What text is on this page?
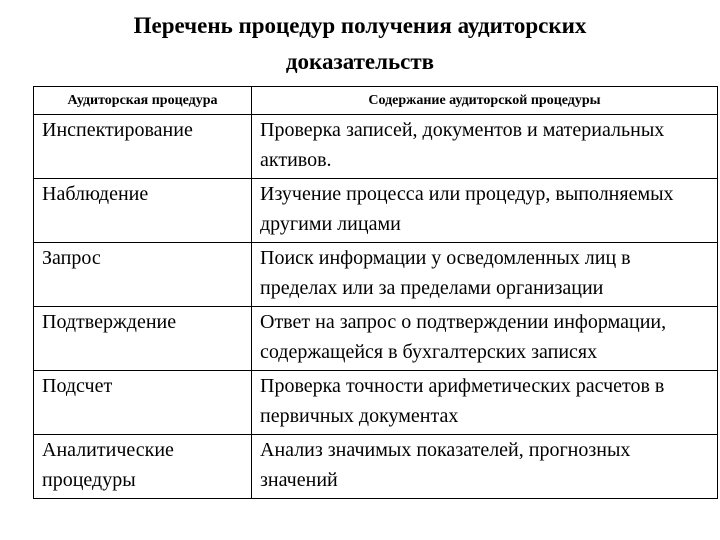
Перечень процедур получения аудиторских
доказательств
Аудиторская процедура	Содержание аудиторской процедуры
Инспектирование	Проверка записей, документов и материальных активов.
Наблюдение	Изучение процесса или процедур, выполняемых другими лицами
Запрос	Поиск информации у осведомленных лиц в пределах или за пределами организации
Подтверждение	Ответ на запрос о подтверждении информации, содержащейся в бухгалтерских записях
Подсчет	Проверка точности арифметических расчетов в первичных документах
Аналитические процедуры	Анализ значимых показателей, прогнозных значений
